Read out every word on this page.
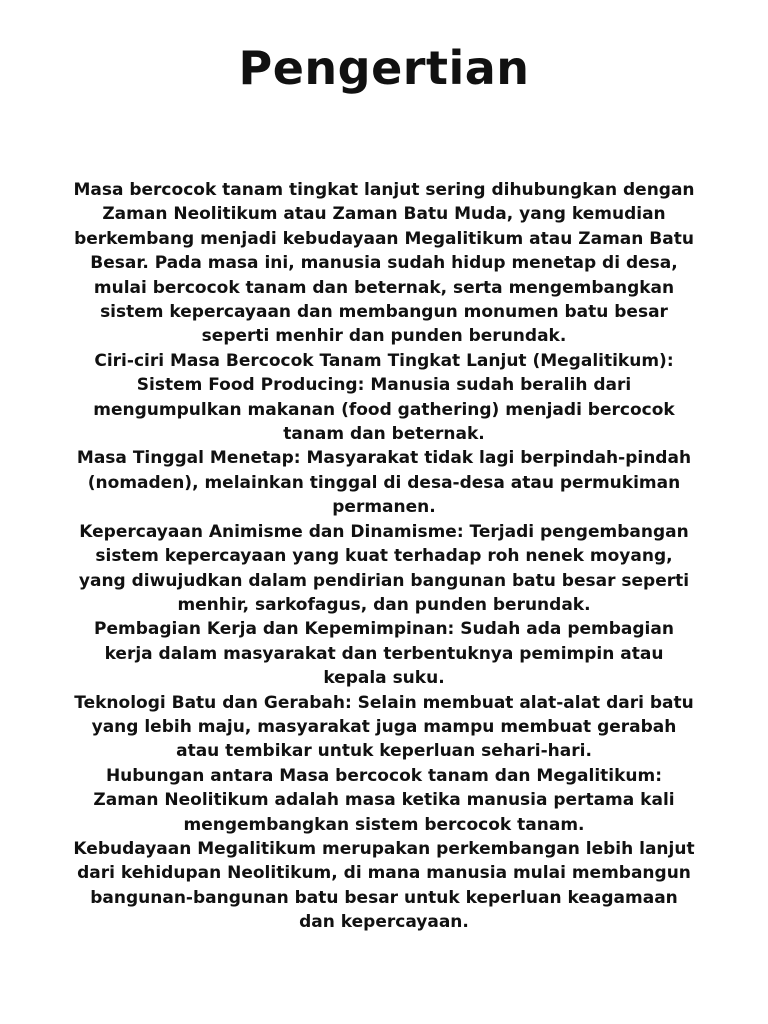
Pengertian

Masa bercocok tanam tingkat lanjut sering dihubungkan dengan Zaman Neolitikum atau Zaman Batu Muda, yang kemudian berkembang menjadi kebudayaan Megalitikum atau Zaman Batu Besar. Pada masa ini, manusia sudah hidup menetap di desa, mulai bercocok tanam dan beternak, serta mengembangkan sistem kepercayaan dan membangun monumen batu besar seperti menhir dan punden berundak.

Ciri-ciri Masa Bercocok Tanam Tingkat Lanjut (Megalitikum):

Sistem Food Producing: Manusia sudah beralih dari mengumpulkan makanan (food gathering) menjadi bercocok tanam dan beternak.

Masa Tinggal Menetap: Masyarakat tidak lagi berpindah-pindah (nomaden), melainkan tinggal di desa-desa atau permukiman permanen.

Kepercayaan Animisme dan Dinamisme: Terjadi pengembangan sistem kepercayaan yang kuat terhadap roh nenek moyang, yang diwujudkan dalam pendirian bangunan batu besar seperti menhir, sarkofagus, dan punden berundak.

Pembagian Kerja dan Kepemimpinan: Sudah ada pembagian kerja dalam masyarakat dan terbentuknya pemimpin atau kepala suku.

Teknologi Batu dan Gerabah: Selain membuat alat-alat dari batu yang lebih maju, masyarakat juga mampu membuat gerabah atau tembikar untuk keperluan sehari-hari.

Hubungan antara Masa bercocok tanam dan Megalitikum:

Zaman Neolitikum adalah masa ketika manusia pertama kali mengembangkan sistem bercocok tanam.

Kebudayaan Megalitikum merupakan perkembangan lebih lanjut dari kehidupan Neolitikum, di mana manusia mulai membangun bangunan-bangunan batu besar untuk keperluan keagamaan dan kepercayaan.
